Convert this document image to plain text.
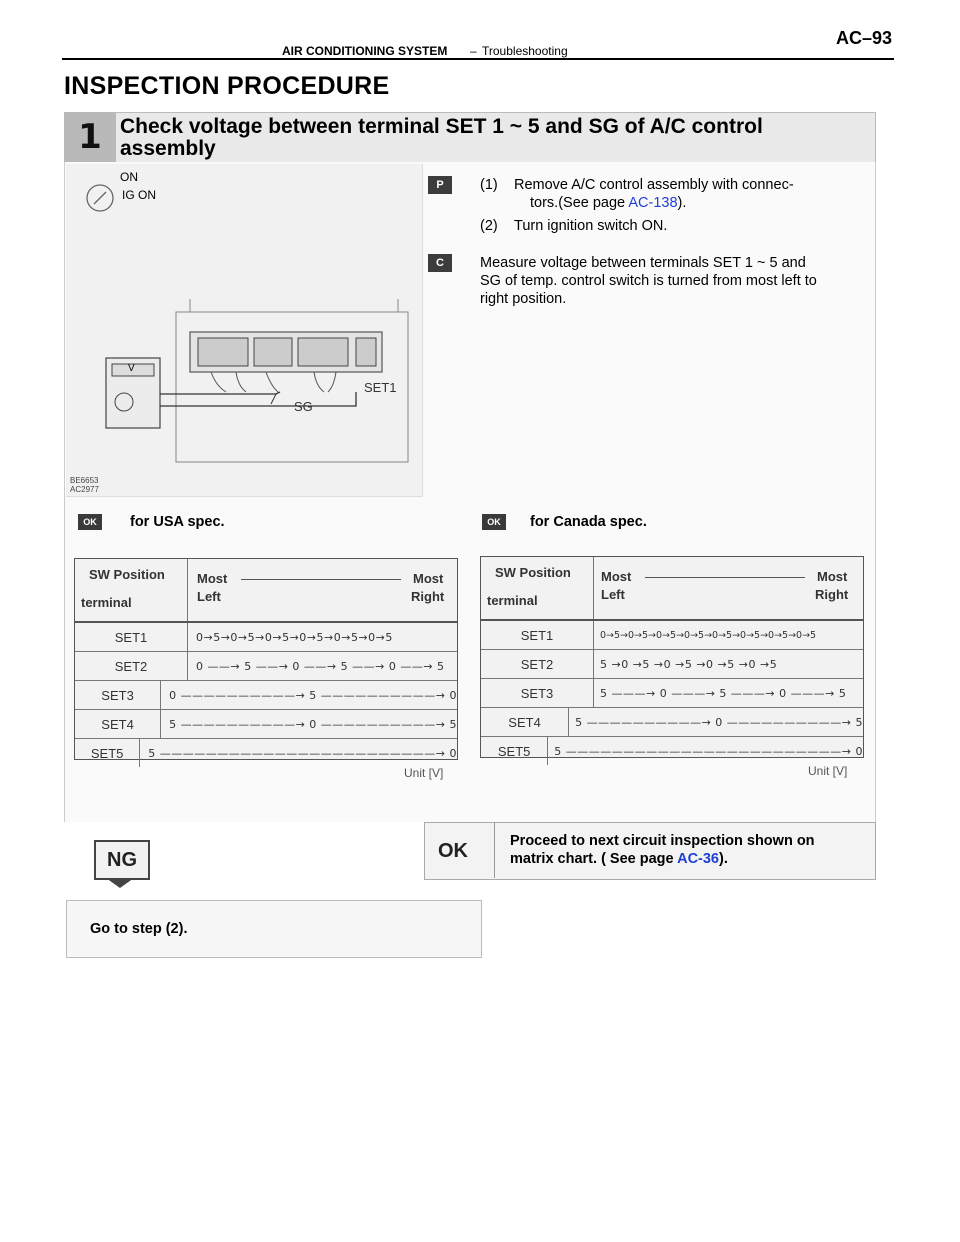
AIR CONDITIONING SYSTEM – Troubleshooting
AC–93
INSPECTION PROCEDURE
1 Check voltage between terminal SET 1 ~ 5 and SG of A/C control assembly
ON
IG ON
V
SG
SET1
BE6653
AC2977
P	(1) Remove A/C control assembly with connec-
tors.(See page AC-138).
(2) Turn ignition switch ON.
C	Measure voltage between terminals SET 1 ~ 5 and
SG of temp. control switch is turned from most left to
right position.
OK	for USA spec.
SW Position
terminal
Most
Left
Most
Right
SET1	0→5→0→5→0→5→0→5→0→5→0→5
SET2	0 ——→ 5 ——→ 0 ——→ 5 ——→ 0 ——→ 5
SET3	0 ——————————→ 5 ——————————→ 0
SET4	5 ——————————→ 0 ——————————→ 5
SET5	5 ————————————————————————→ 0
Unit [V]
OK	for Canada spec.
SW Position
terminal
Most
Left
Most
Right
SET1	0→5→0→5→0→5→0→5→0→5→0→5→0→5→0→5
SET2	5 →0 →5 →0 →5 →0 →5 →0 →5
SET3	5 ———→ 0 ———→ 5 ———→ 0 ———→ 5
SET4	5 ——————————→ 0 ——————————→ 5
SET5	5 ————————————————————————→ 0
Unit [V]
NG	OK	Proceed to next circuit inspection shown on
matrix chart. ( See page AC-36).
Go to step (2).
